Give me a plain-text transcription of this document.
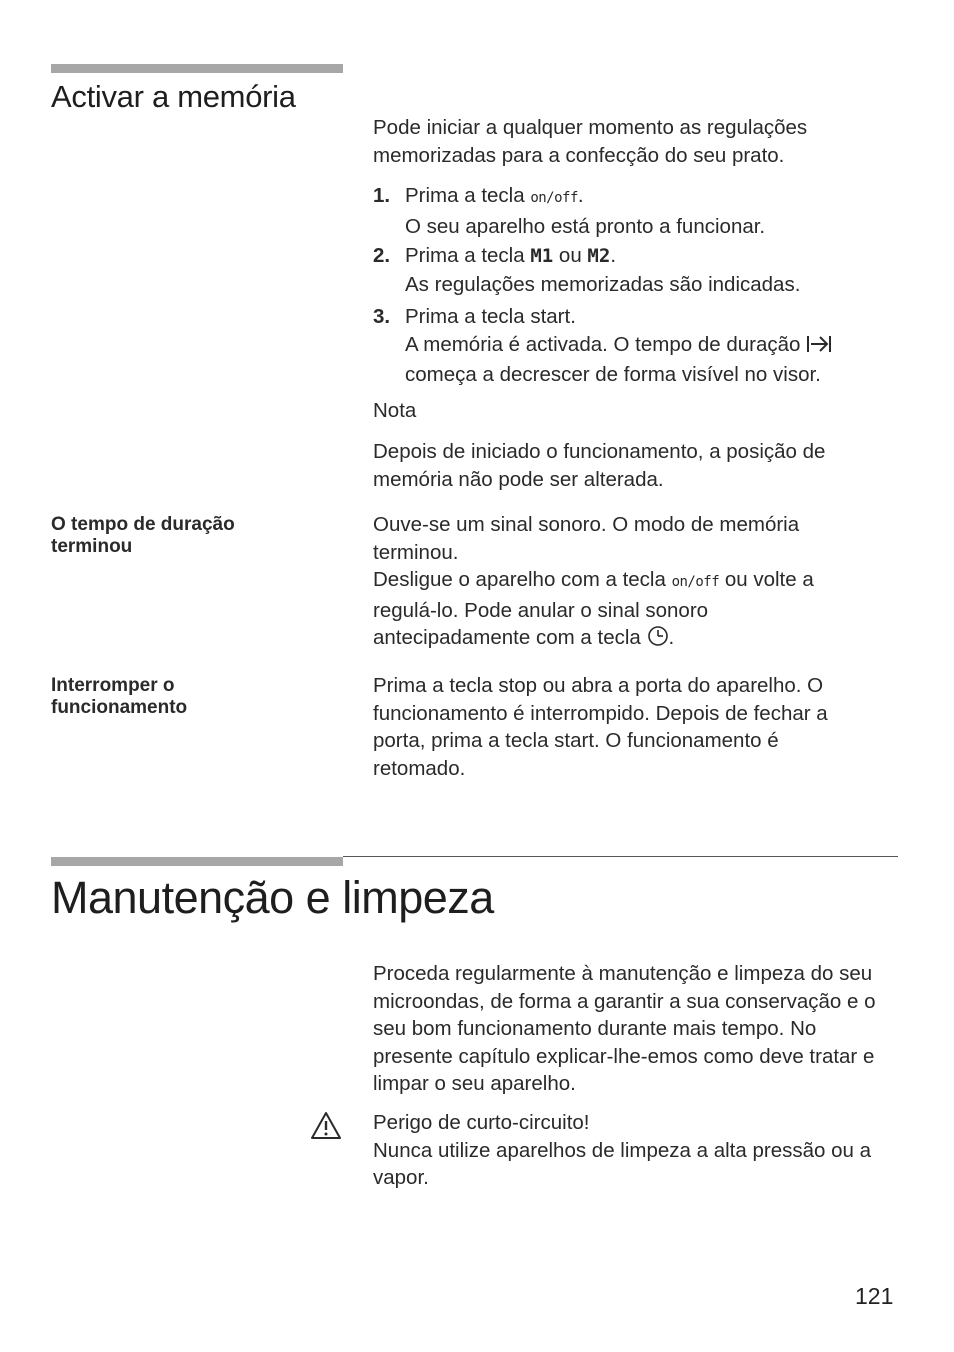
Activar a memória
Pode iniciar a qualquer momento as regulações memorizadas para a confecção do seu prato.
1. Prima a tecla on/off.
O seu aparelho está pronto a funcionar.
2. Prima a tecla M1 ou M2.
As regulações memorizadas são indicadas.
3. Prima a tecla start.
A memória é activada. O tempo de duração
começa a decrescer de forma visível no visor.
Nota
Depois de iniciado o funcionamento, a posição de memória não pode ser alterada.
O tempo de duração terminou
Ouve-se um sinal sonoro. O modo de memória terminou.
Desligue o aparelho com a tecla on/off ou volte a regulá-lo. Pode anular o sinal sonoro antecipadamente com a tecla .
Interromper o funcionamento
Prima a tecla stop ou abra a porta do aparelho. O funcionamento é interrompido. Depois de fechar a porta, prima a tecla start. O funcionamento é retomado.
Manutenção e limpeza
Proceda regularmente à manutenção e limpeza do seu microondas, de forma a garantir a sua conservação e o seu bom funcionamento durante mais tempo. No presente capítulo explicar-lhe-emos como deve tratar e limpar o seu aparelho.
Perigo de curto-circuito!
Nunca utilize aparelhos de limpeza a alta pressão ou a vapor.
121
